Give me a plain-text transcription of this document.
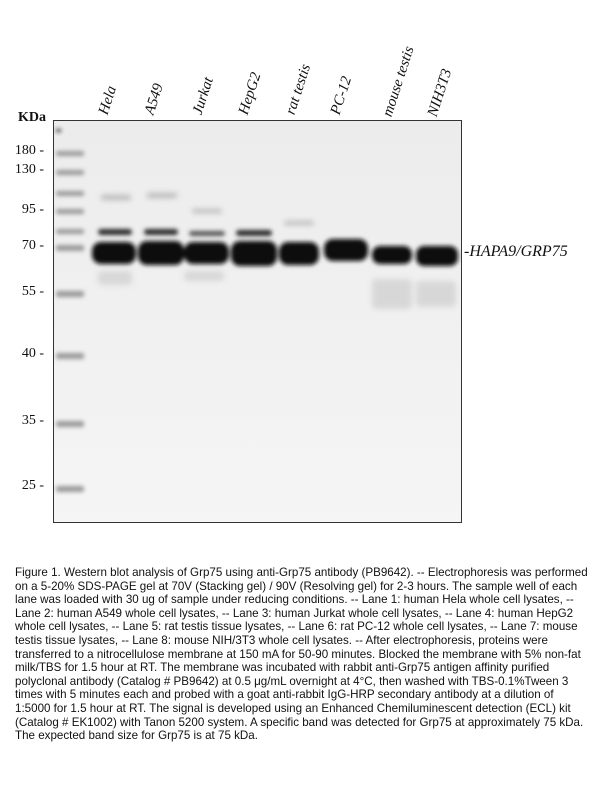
Hela A549 Jurkat HepG2 rat testis PC-12 mouse testis NIH3T3
KDa
180 -
130 -
95 -
70 -
55 -
40 -
35 -
25 -
-HAPA9/GRP75
Figure 1. Western blot analysis of Grp75 using anti-Grp75 antibody (PB9642). -- Electrophoresis was performed on a 5-20% SDS-PAGE gel at 70V (Stacking gel) / 90V (Resolving gel) for 2-3 hours. The sample well of each lane was loaded with 30 ug of sample under reducing conditions. -- Lane 1: human Hela whole cell lysates, -- Lane 2: human A549 whole cell lysates, -- Lane 3: human Jurkat whole cell lysates, -- Lane 4: human HepG2 whole cell lysates, -- Lane 5: rat testis tissue lysates, -- Lane 6: rat PC-12 whole cell lysates, -- Lane 7: mouse testis tissue lysates, -- Lane 8: mouse NIH/3T3 whole cell lysates. -- After electrophoresis, proteins were transferred to a nitrocellulose membrane at 150 mA for 50-90 minutes. Blocked the membrane with 5% non-fat milk/TBS for 1.5 hour at RT. The membrane was incubated with rabbit anti-Grp75 antigen affinity purified polyclonal antibody (Catalog # PB9642) at 0.5 μg/mL overnight at 4°C, then washed with TBS-0.1%Tween 3 times with 5 minutes each and probed with a goat anti-rabbit IgG-HRP secondary antibody at a dilution of 1:5000 for 1.5 hour at RT. The signal is developed using an Enhanced Chemiluminescent detection (ECL) kit (Catalog # EK1002) with Tanon 5200 system. A specific band was detected for Grp75 at approximately 75 kDa. The expected band size for Grp75 is at 75 kDa.
